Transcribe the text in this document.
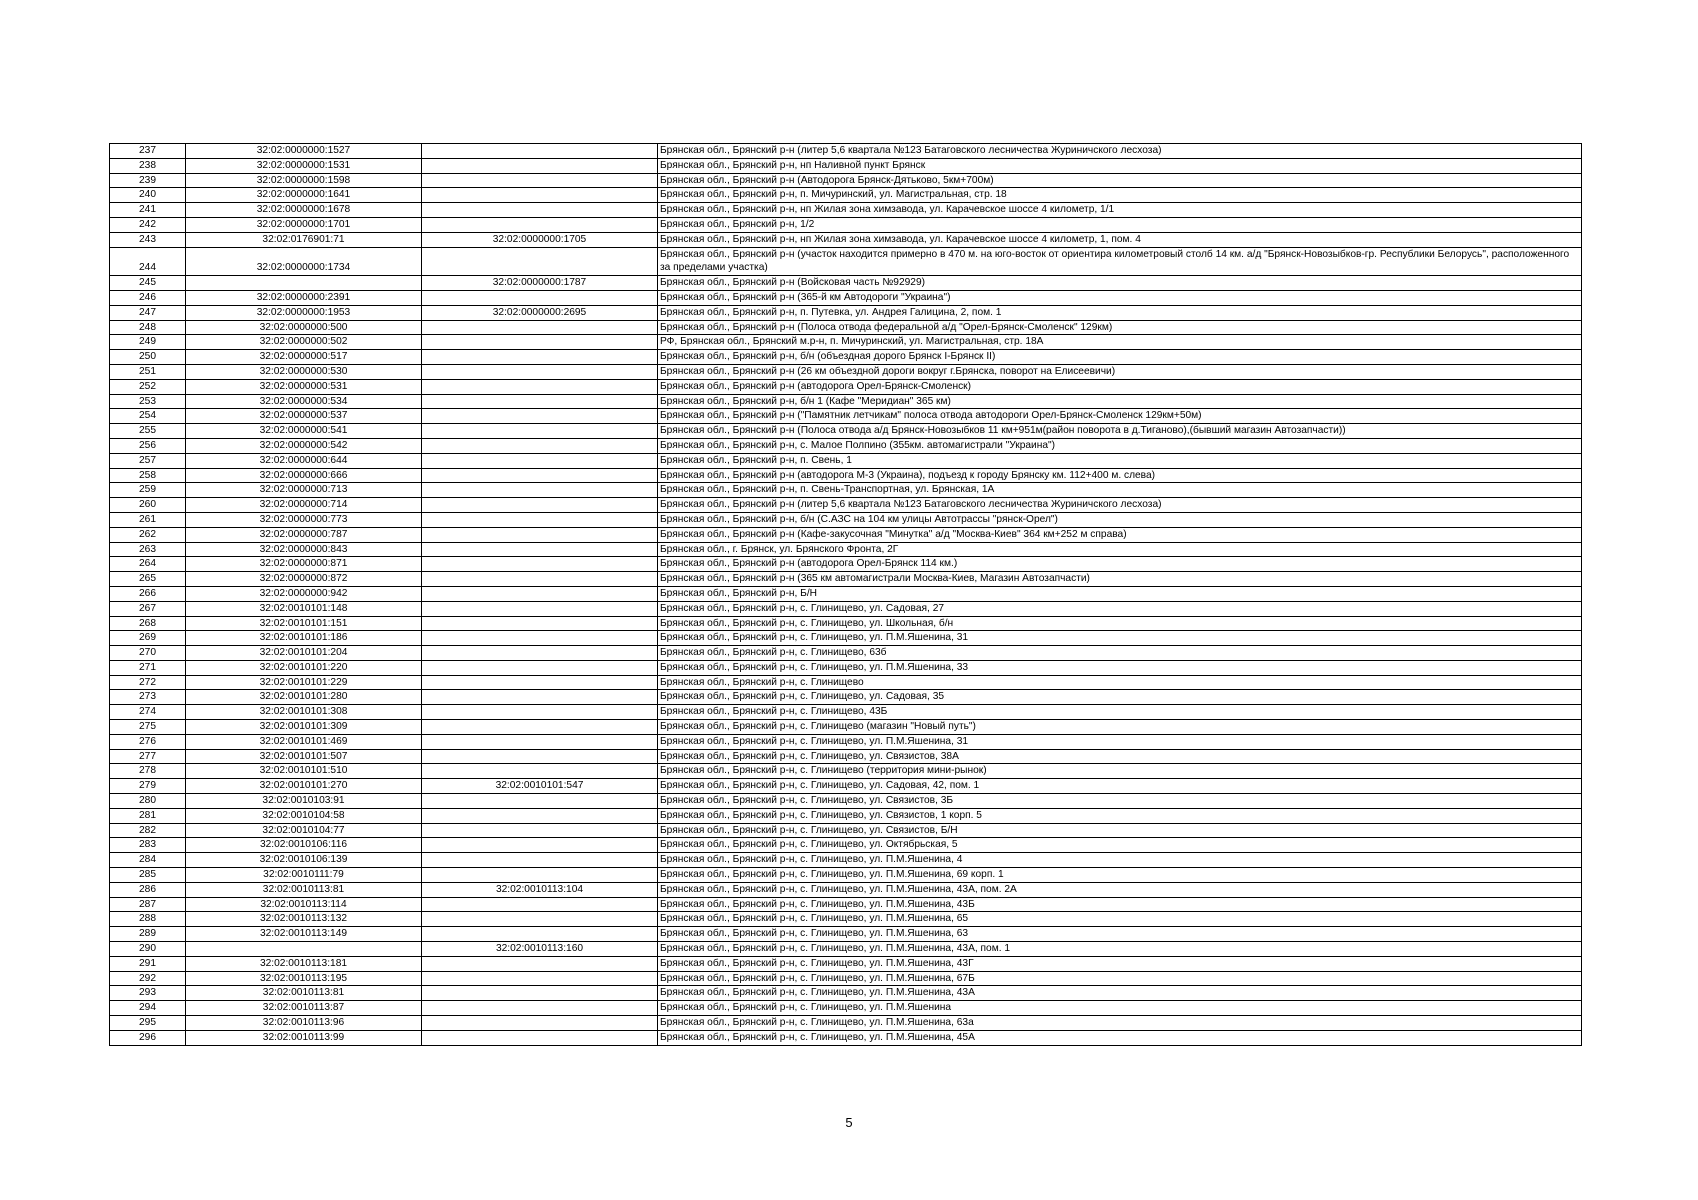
237	32:02:0000000:1527		Брянская обл., Брянский р-н (литер 5,6 квартала №123 Батаговского лесничества Журиничского лесхоза)
238	32:02:0000000:1531		Брянская обл., Брянский р-н, нп Наливной пункт Брянск
239	32:02:0000000:1598		Брянская обл., Брянский р-н (Автодорога Брянск-Дятьково, 5км+700м)
240	32:02:0000000:1641		Брянская обл., Брянский р-н, п. Мичуринский, ул. Магистральная, стр. 18
241	32:02:0000000:1678		Брянская обл., Брянский р-н, нп Жилая зона химзавода, ул. Карачевское шоссе 4 километр, 1/1
242	32:02:0000000:1701		Брянская обл., Брянский р-н, 1/2
243	32:02:0176901:71	32:02:0000000:1705	Брянская обл., Брянский р-н, нп Жилая зона химзавода, ул. Карачевское шоссе 4 километр, 1, пом. 4
244	32:02:0000000:1734		Брянская обл., Брянский р-н (участок находится примерно в 470 м. на юго-восток от ориентира километровый столб 14 км. а/д "Брянск-Новозыбков-гр. Республики Белорусь", расположенного за пределами участка)
245		32:02:0000000:1787	Брянская обл., Брянский р-н (Войсковая часть №92929)
246	32:02:0000000:2391		Брянская обл., Брянский р-н (365-й км Автодороги "Украина")
247	32:02:0000000:1953	32:02:0000000:2695	Брянская обл., Брянский р-н, п. Путевка, ул. Андрея Галицина, 2, пом. 1
248	32:02:0000000:500		Брянская обл., Брянский р-н (Полоса отвода федеральной а/д "Орел-Брянск-Смоленск" 129км)
249	32:02:0000000:502		РФ, Брянская обл., Брянский м.р-н, п. Мичуринский, ул. Магистральная, стр. 18А
250	32:02:0000000:517		Брянская обл., Брянский р-н, б/н (объездная дорого Брянск I-Брянск II)
251	32:02:0000000:530		Брянская обл., Брянский р-н (26 км объездной дороги вокруг г.Брянска, поворот на Елисеевичи)
252	32:02:0000000:531		Брянская обл., Брянский р-н (автодорога Орел-Брянск-Смоленск)
253	32:02:0000000:534		Брянская обл., Брянский р-н, б/н 1 (Кафе "Меридиан" 365 км)
254	32:02:0000000:537		Брянская обл., Брянский р-н ("Памятник летчикам" полоса отвода автодороги Орел-Брянск-Смоленск 129км+50м)
255	32:02:0000000:541		Брянская обл., Брянский р-н (Полоса отвода а/д Брянск-Новозыбков 11 км+951м(район поворота в д.Тиганово),(бывший магазин Автозапчасти))
256	32:02:0000000:542		Брянская обл., Брянский р-н, с. Малое Полпино (355км. автомагистрали "Украина")
257	32:02:0000000:644		Брянская обл., Брянский р-н, п. Свень, 1
258	32:02:0000000:666		Брянская обл., Брянский р-н (автодорога М-3 (Украина), подъезд к городу Брянску км. 112+400 м. слева)
259	32:02:0000000:713		Брянская обл., Брянский р-н, п. Свень-Транспортная, ул. Брянская, 1А
260	32:02:0000000:714		Брянская обл., Брянский р-н (литер 5,6 квартала №123 Батаговского лесничества Журиничского лесхоза)
261	32:02:0000000:773		Брянская обл., Брянский р-н, б/н (С.АЗС на 104 км улицы Автотрассы "рянск-Орел")
262	32:02:0000000:787		Брянская обл., Брянский р-н (Кафе-закусочная "Минутка" а/д "Москва-Киев" 364 км+252 м справа)
263	32:02:0000000:843		Брянская обл., г. Брянск, ул. Брянского Фронта, 2Г
264	32:02:0000000:871		Брянская обл., Брянский р-н (автодорога Орел-Брянск 114 км.)
265	32:02:0000000:872		Брянская обл., Брянский р-н (365 км автомагистрали Москва-Киев, Магазин Автозапчасти)
266	32:02:0000000:942		Брянская обл., Брянский р-н, Б/Н
267	32:02:0010101:148		Брянская обл., Брянский р-н, с. Глинищево, ул. Садовая, 27
268	32:02:0010101:151		Брянская обл., Брянский р-н, с. Глинищево, ул. Школьная, б/н
269	32:02:0010101:186		Брянская обл., Брянский р-н, с. Глинищево, ул. П.М.Яшенина, 31
270	32:02:0010101:204		Брянская обл., Брянский р-н, с. Глинищево, 63б
271	32:02:0010101:220		Брянская обл., Брянский р-н, с. Глинищево, ул. П.М.Яшенина, 33
272	32:02:0010101:229		Брянская обл., Брянский р-н, с. Глинищево
273	32:02:0010101:280		Брянская обл., Брянский р-н, с. Глинищево, ул. Садовая, 35
274	32:02:0010101:308		Брянская обл., Брянский р-н, с. Глинищево, 43Б
275	32:02:0010101:309		Брянская обл., Брянский р-н, с. Глинищево (магазин "Новый путь")
276	32:02:0010101:469		Брянская обл., Брянский р-н, с. Глинищево, ул. П.М.Яшенина, 31
277	32:02:0010101:507		Брянская обл., Брянский р-н, с. Глинищево, ул. Связистов, 38А
278	32:02:0010101:510		Брянская обл., Брянский р-н, с. Глинищево (территория мини-рынок)
279	32:02:0010101:270	32:02:0010101:547	Брянская обл., Брянский р-н, с. Глинищево, ул. Садовая, 42, пом. 1
280	32:02:0010103:91		Брянская обл., Брянский р-н, с. Глинищево, ул. Связистов, 3Б
281	32:02:0010104:58		Брянская обл., Брянский р-н, с. Глинищево, ул. Связистов, 1 корп. 5
282	32:02:0010104:77		Брянская обл., Брянский р-н, с. Глинищево, ул. Связистов, Б/Н
283	32:02:0010106:116		Брянская обл., Брянский р-н, с. Глинищево, ул. Октябрьская, 5
284	32:02:0010106:139		Брянская обл., Брянский р-н, с. Глинищево, ул. П.М.Яшенина, 4
285	32:02:0010111:79		Брянская обл., Брянский р-н, с. Глинищево, ул. П.М.Яшенина, 69 корп. 1
286	32:02:0010113:81	32:02:0010113:104	Брянская обл., Брянский р-н, с. Глинищево, ул. П.М.Яшенина, 43А, пом. 2А
287	32:02:0010113:114		Брянская обл., Брянский р-н, с. Глинищево, ул. П.М.Яшенина, 43Б
288	32:02:0010113:132		Брянская обл., Брянский р-н, с. Глинищево, ул. П.М.Яшенина, 65
289	32:02:0010113:149		Брянская обл., Брянский р-н, с. Глинищево, ул. П.М.Яшенина, 63
290		32:02:0010113:160	Брянская обл., Брянский р-н, с. Глинищево, ул. П.М.Яшенина, 43А, пом. 1
291	32:02:0010113:181		Брянская обл., Брянский р-н, с. Глинищево, ул. П.М.Яшенина, 43Г
292	32:02:0010113:195		Брянская обл., Брянский р-н, с. Глинищево, ул. П.М.Яшенина, 67Б
293	32:02:0010113:81		Брянская обл., Брянский р-н, с. Глинищево, ул. П.М.Яшенина, 43А
294	32:02:0010113:87		Брянская обл., Брянский р-н, с. Глинищево, ул. П.М.Яшенина
295	32:02:0010113:96		Брянская обл., Брянский р-н, с. Глинищево, ул. П.М.Яшенина, 63а
296	32:02:0010113:99		Брянская обл., Брянский р-н, с. Глинищево, ул. П.М.Яшенина, 45А
5
